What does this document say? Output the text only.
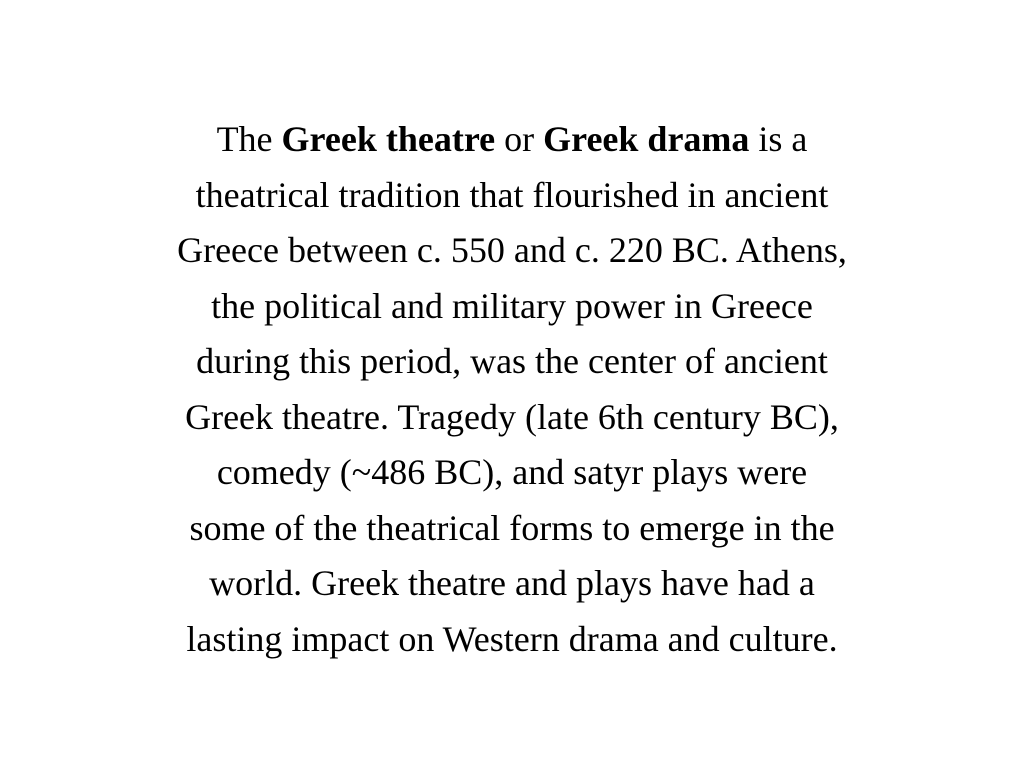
The Greek theatre or Greek drama is a
theatrical tradition that flourished in ancient
Greece between c. 550 and c. 220 BC. Athens,
the political and military power in Greece
during this period, was the center of ancient
Greek theatre. Tragedy (late 6th century BC),
comedy (~486 BC), and satyr plays were
some of the theatrical forms to emerge in the
world. Greek theatre and plays have had a
lasting impact on Western drama and culture.
